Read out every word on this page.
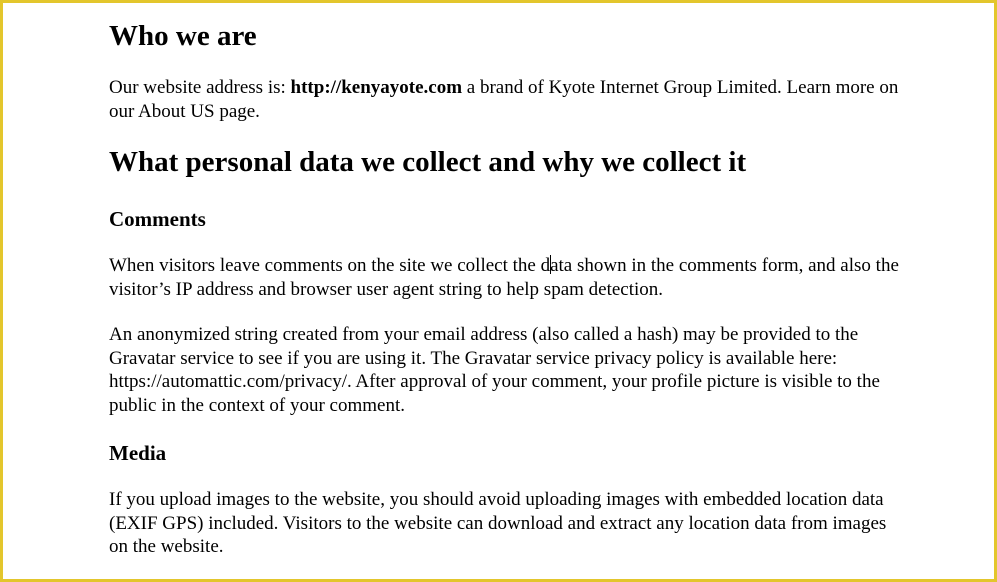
Who we are

Our website address is: http://kenyayote.com a brand of Kyote Internet Group Limited. Learn more on our About US page.

What personal data we collect and why we collect it
Comments

When visitors leave comments on the site we collect the data shown in the comments form, and also the visitor’s IP address and browser user agent string to help spam detection.

An anonymized string created from your email address (also called a hash) may be provided to the Gravatar service to see if you are using it. The Gravatar service privacy policy is available here: https://automattic.com/privacy/. After approval of your comment, your profile picture is visible to the public in the context of your comment.

Media

If you upload images to the website, you should avoid uploading images with embedded location data (EXIF GPS) included. Visitors to the website can download and extract any location data from images on the website.
